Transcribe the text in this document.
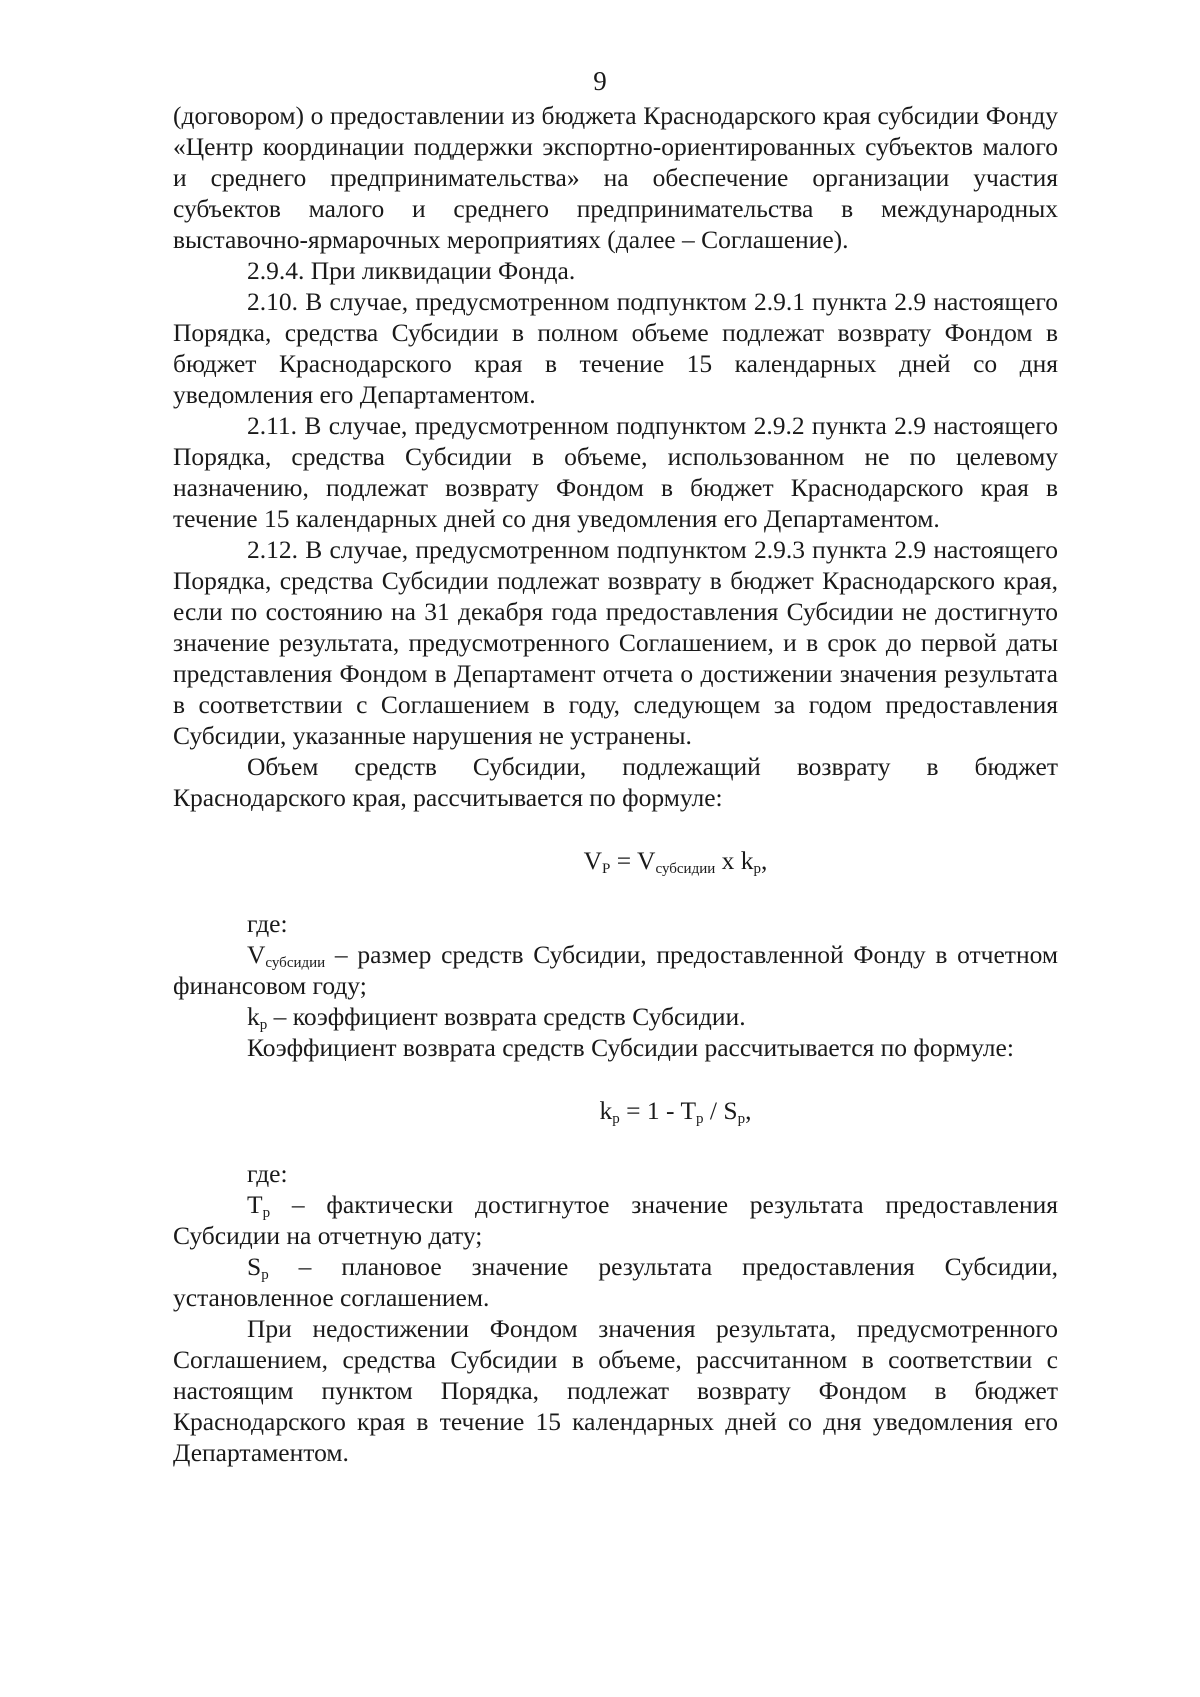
9

(договором) о предоставлении из бюджета Краснодарского края субсидии Фонду «Центр координации поддержки экспортно-ориентированных субъектов малого и среднего предпринимательства» на обеспечение организации участия субъектов малого и среднего предпринимательства в международных выставочно-ярмарочных мероприятиях (далее – Соглашение).

2.9.4. При ликвидации Фонда.

2.10. В случае, предусмотренном подпунктом 2.9.1 пункта 2.9 настоящего Порядка, средства Субсидии в полном объеме подлежат возврату Фондом в бюджет Краснодарского края в течение 15 календарных дней со дня уведомления его Департаментом.

2.11. В случае, предусмотренном подпунктом 2.9.2 пункта 2.9 настоящего Порядка, средства Субсидии в объеме, использованном не по целевому назначению, подлежат возврату Фондом в бюджет Краснодарского края в течение 15 календарных дней со дня уведомления его Департаментом.

2.12. В случае, предусмотренном подпунктом 2.9.3 пункта 2.9 настоящего Порядка, средства Субсидии подлежат возврату в бюджет Краснодарского края, если по состоянию на 31 декабря года предоставления Субсидии не достигнуто значение результата, предусмотренного Соглашением, и в срок до первой даты представления Фондом в Департамент отчета о достижении значения результата в соответствии с Соглашением в году, следующем за годом предоставления Субсидии, указанные нарушения не устранены.

Объем средств Субсидии, подлежащий возврату в бюджет Краснодарского края, рассчитывается по формуле:

$V_P = V_{субсидии}$ x $k_p$,

где:

$V_{субсидии}$ – размер средств Субсидии, предоставленной Фонду в отчетном финансовом году;

$k_p$ – коэффициент возврата средств Субсидии.

Коэффициент возврата средств Субсидии рассчитывается по формуле:

$k_p = 1 - T_p / S_p$,

где:

$T_p$ – фактически достигнутое значение результата предоставления Субсидии на отчетную дату;

$S_p$ – плановое значение результата предоставления Субсидии, установленное соглашением.

При недостижении Фондом значения результата, предусмотренного Соглашением, средства Субсидии в объеме, рассчитанном в соответствии с настоящим пунктом Порядка, подлежат возврату Фондом в бюджет Краснодарского края в течение 15 календарных дней со дня уведомления его Департаментом.
